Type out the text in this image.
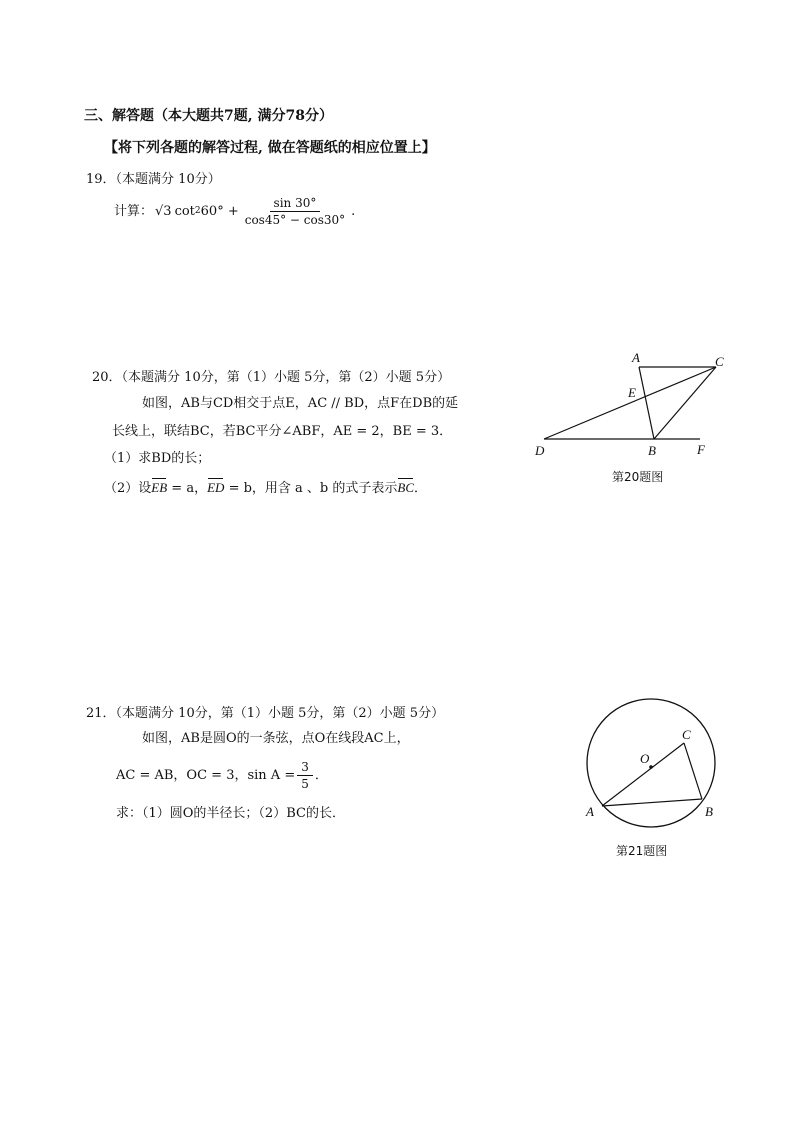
三、解答题（本大题共7题, 满分78分）
【将下列各题的解答过程, 做在答题纸的相应位置上】
19．（本题满分 10分）
计算： √3 cot 2 $60^\circ + \frac{\sin 30^\circ}{\cos 45^\circ - \cos 30^\circ}$ .
20．（本题满分 10分，第（1）小题 5分，第（2）小题 5分）
如图，AB与CD相交于点E，AC // BD，点F在DB的延
长线上，联结BC，若BC平分∠ABF，AE = 2，BE = 3．
（1）求BD的长；
（2）设EB = a，ED = b，用含 a 、b 的式子表示BC．
A	C
E
D	B	F
第20题图
21．（本题满分 10分，第（1）小题 5分，第（2）小题 5分）
如图，AB是圆O的一条弦，点O在线段AC上，
AC = AB，OC = 3，$\sin A = \frac{3}{5}$ ．
求：（1）圆O的半径长；（2）BC的长．
O
C
A	B
第21题图
